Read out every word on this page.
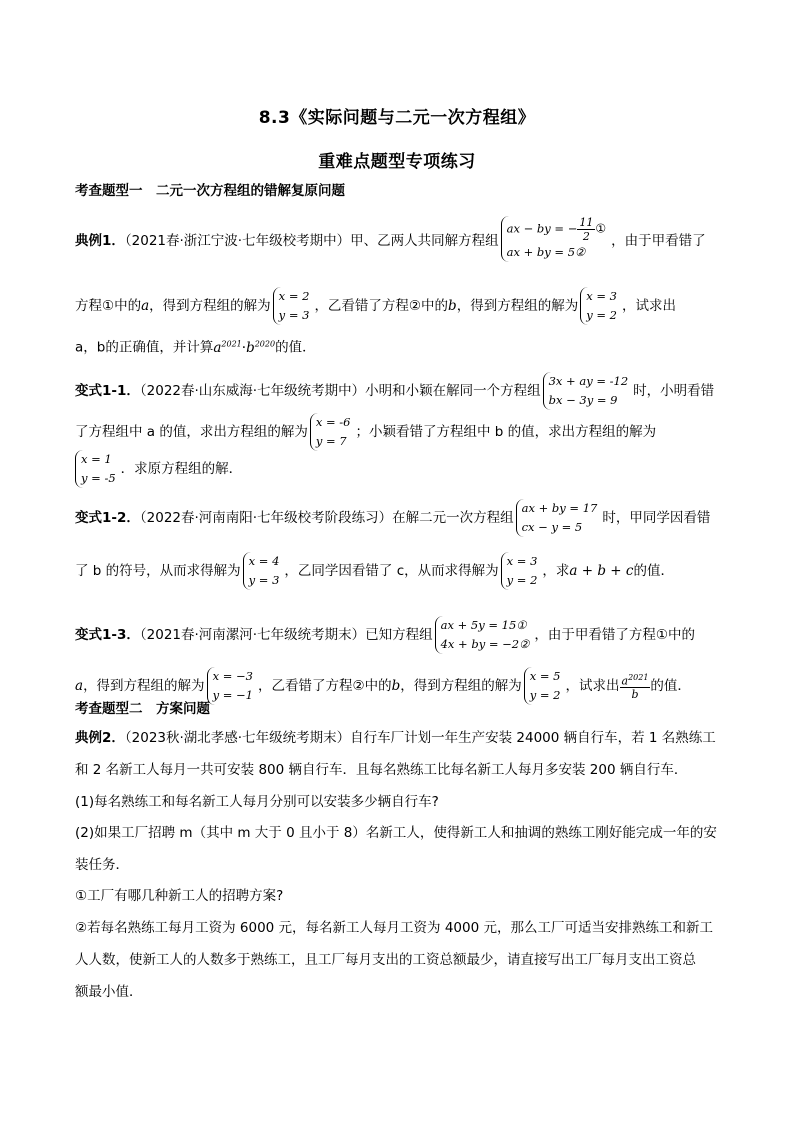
8.3《实际问题与二元一次方程组》
重难点题型专项练习
考查题型一　二元一次方程组的错解复原问题
典例1．（2021春·浙江宁波·七年级校考期中）甲、乙两人共同解方程组
ax − by = − $\frac{11}{2}$ ①
ax + by = 5②
，由于甲看错了
方程①中的a，得到方程组的解为
x = 2
y = 3
，乙看错了方程②中的b，得到方程组的解为
x = 3
y = 2
，试求出
a，b的正确值，并计算$a^{2021}\cdot b^{2020}$的值．
变式1-1．（2022春·山东威海·七年级统考期中）小明和小颖在解同一个方程组
3x + ay = -12
bx − 3y = 9
时，小明看错
了方程组中 a 的值，求出方程组的解为
x = -6
y = 7
；小颖看错了方程组中 b 的值，求出方程组的解为
x = 1
y = -5
．求原方程组的解．
变式1-2．（2022春·河南南阳·七年级校考阶段练习）在解二元一次方程组
ax + by = 17
cx − y = 5
时，甲同学因看错
了 b 的符号，从而求得解为
x = 4
y = 3
，乙同学因看错了 c，从而求得解为
x = 3
y = 2
，求a + b + c的值．
变式1-3．（2021春·河南漯河·七年级统考期末）已知方程组
ax + 5y = 15①
4x + by = −2②
，由于甲看错了方程①中的
a，得到方程组的解为
x = −3
y = −1
，乙看错了方程②中的b，得到方程组的解为
x = 5
y = 2
，试求出 $\frac{a^{2021}}{b}$ 的值．
考查题型二　方案问题
典例2．（2023秋·湖北孝感·七年级统考期末）自行车厂计划一年生产安装 24000 辆自行车，若 1 名熟练工
和 2 名新工人每月一共可安装 800 辆自行车．且每名熟练工比每名新工人每月多安装 200 辆自行车．
(1)每名熟练工和每名新工人每月分别可以安装多少辆自行车?
(2)如果工厂招聘 m（其中 m 大于 0 且小于 8）名新工人，使得新工人和抽调的熟练工刚好能完成一年的安
装任务．
①工厂有哪几种新工人的招聘方案?
②若每名熟练工每月工资为 6000 元，每名新工人每月工资为 4000 元，那么工厂可适当安排熟练工和新工
人人数，使新工人的人数多于熟练工，且工厂每月支出的工资总额最少，请直接写出工厂每月支出工资总
额最小值．
